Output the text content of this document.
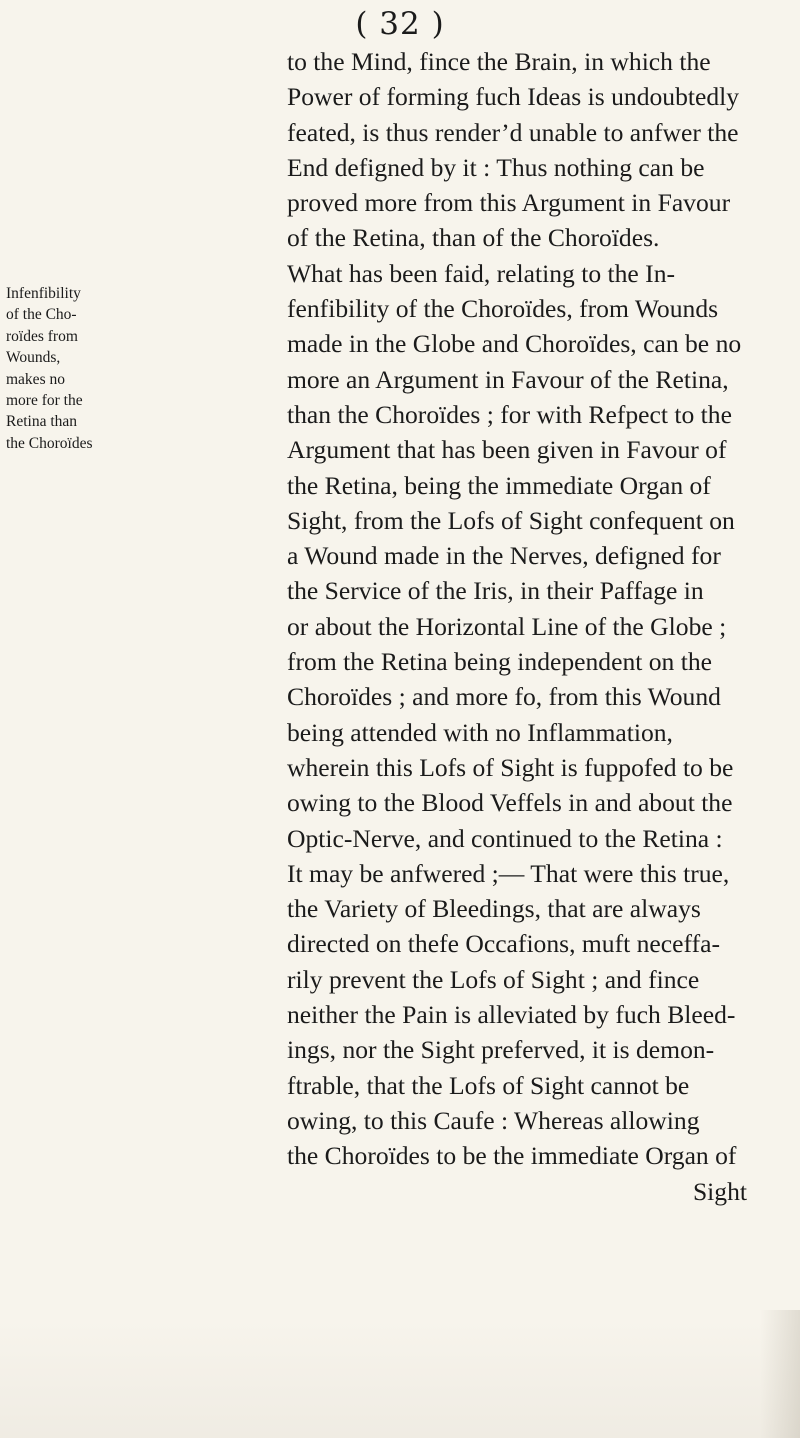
( 32 )
Infenfibility
of the Cho-
roïdes from
Wounds,
makes no
more for the
Retina than
the Choroïdes
to the Mind, fince the Brain, in which the
Power of forming fuch Ideas is undoubtedly
feated, is thus render’d unable to anfwer the
End defigned by it : Thus nothing can be
proved more from this Argument in Favour
of the Retina, than of the Choroïdes.
What has been faid, relating to the In-
fenfibility of the Choroïdes, from Wounds
made in the Globe and Choroïdes, can be no
more an Argument in Favour of the Retina,
than the Choroïdes ; for with Refpect to the
Argument that has been given in Favour of
the Retina, being the immediate Organ of
Sight, from the Lofs of Sight confequent on
a Wound made in the Nerves, defigned for
the Service of the Iris, in their Paffage in
or about the Horizontal Line of the Globe ;
from the Retina being independent on the
Choroïdes ; and more fo, from this Wound
being attended with no Inflammation,
wherein this Lofs of Sight is fuppofed to be
owing to the Blood Veffels in and about the
Optic-Nerve, and continued to the Retina :
It may be anfwered ;— That were this true,
the Variety of Bleedings, that are always
directed on thefe Occafions, muft neceffa-
rily prevent the Lofs of Sight ; and fince
neither the Pain is alleviated by fuch Bleed-
ings, nor the Sight preferved, it is demon-
ftrable, that the Lofs of Sight cannot be
owing, to this Caufe : Whereas allowing
the Choroïdes to be the immediate Organ of
Sight
